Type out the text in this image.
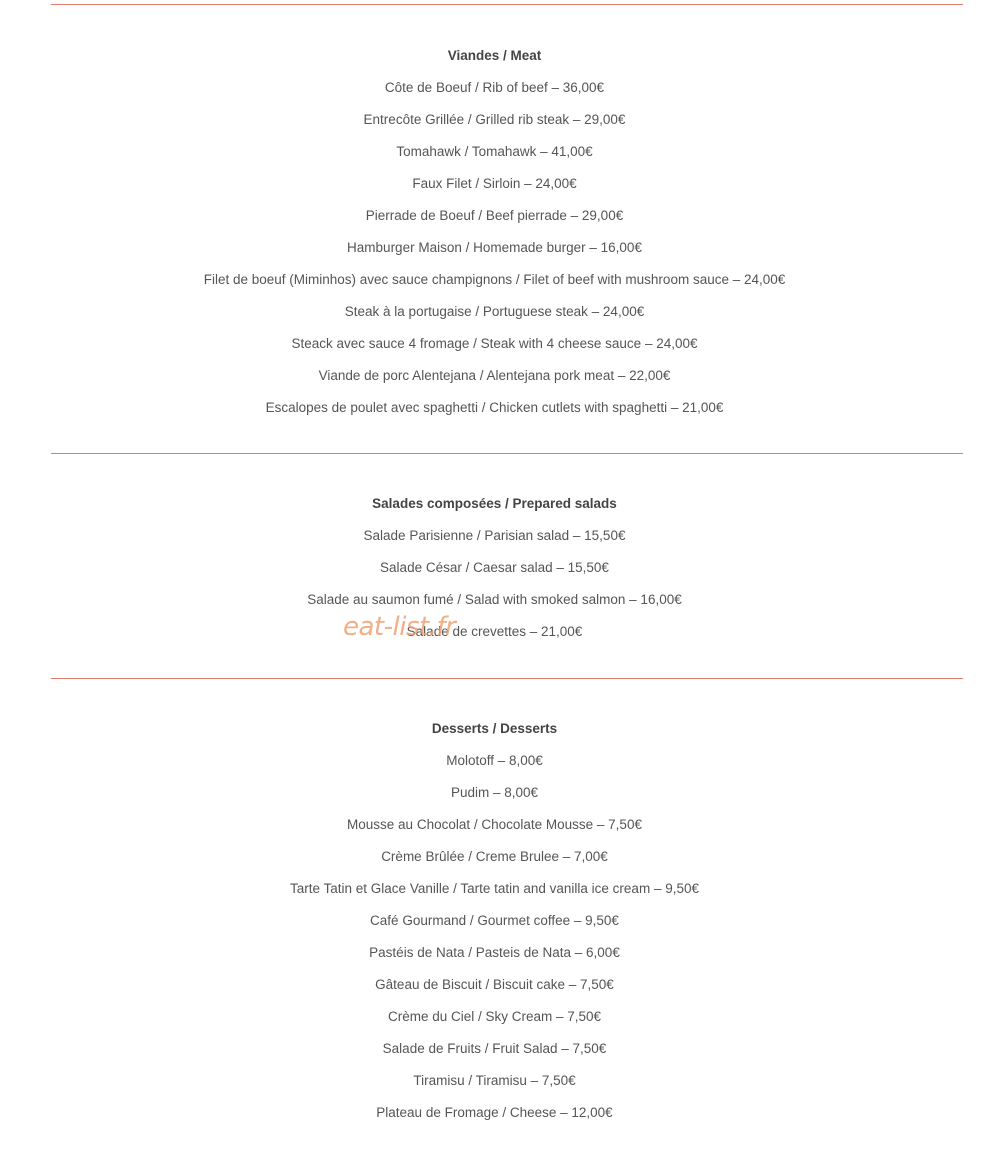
Viandes / Meat

Côte de Boeuf / Rib of beef – 36,00€

Entrecôte Grillée / Grilled rib steak – 29,00€

Tomahawk / Tomahawk – 41,00€

Faux Filet / Sirloin – 24,00€

Pierrade de Boeuf / Beef pierrade – 29,00€

Hamburger Maison / Homemade burger – 16,00€

Filet de boeuf (Miminhos) avec sauce champignons / Filet of beef with mushroom sauce – 24,00€

Steak à la portugaise / Portuguese steak – 24,00€

Steack avec sauce 4 fromage / Steak with 4 cheese sauce – 24,00€

Viande de porc Alentejana / Alentejana pork meat – 22,00€

Escalopes de poulet avec spaghetti / Chicken cutlets with spaghetti – 21,00€

Salades composées / Prepared salads

Salade Parisienne / Parisian salad – 15,50€

Salade César / Caesar salad – 15,50€

Salade au saumon fumé / Salad with smoked salmon – 16,00€

Salade de crevettes – 21,00€

Desserts / Desserts

Molotoff – 8,00€

Pudim – 8,00€

Mousse au Chocolat / Chocolate Mousse – 7,50€

Crème Brûlée / Creme Brulee – 7,00€

Tarte Tatin et Glace Vanille / Tarte tatin and vanilla ice cream – 9,50€

Café Gourmand / Gourmet coffee – 9,50€

Pastéis de Nata / Pasteis de Nata – 6,00€

Gâteau de Biscuit / Biscuit cake – 7,50€

Crème du Ciel / Sky Cream – 7,50€

Salade de Fruits / Fruit Salad – 7,50€

Tiramisu / Tiramisu – 7,50€

Plateau de Fromage / Cheese – 12,00€

eat-list.fr
